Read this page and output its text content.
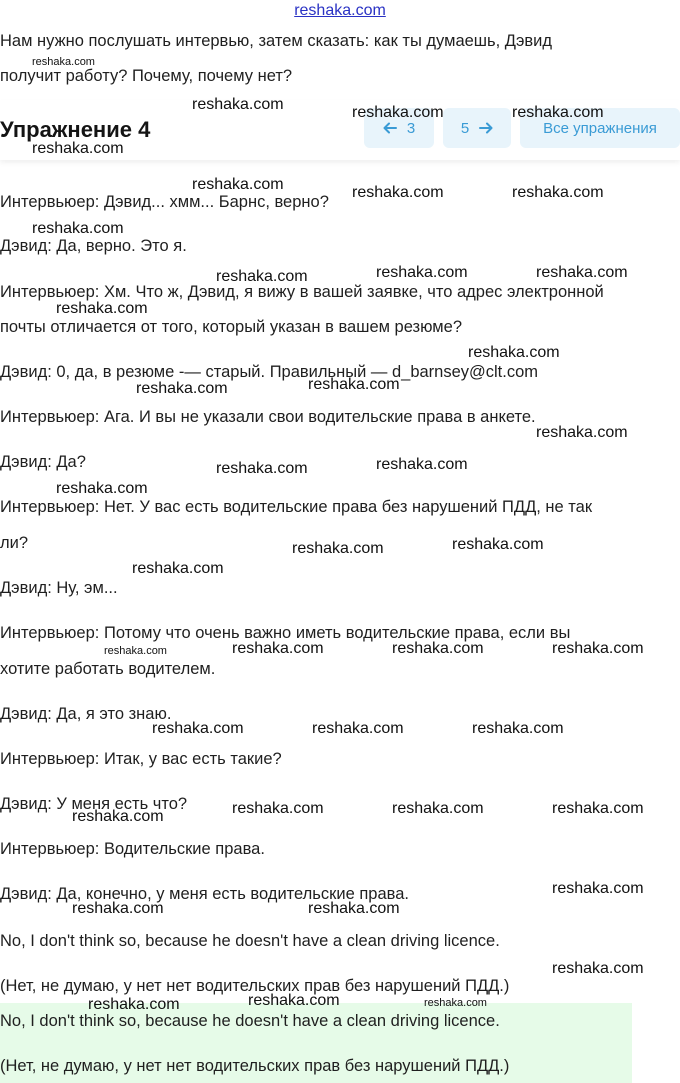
reshaka.com

Нам нужно послушать интервью, затем сказать: как ты думаешь, Дэвид

получит работу? Почему, почему нет?

Упражнение 4	3	5	Все упражнения

Интервьюер: Дэвид... хмм... Барнс, верно?

Дэвид: Да, верно. Это я.

Интервьюер: Хм. Что ж, Дэвид, я вижу в вашей заявке, что адрес электронной

почты отличается от того, который указан в вашем резюме?

Дэвид: 0, да, в резюме -— старый. Правильный — d_barnsey@clt.com

Интервьюер: Ага. И вы не указали свои водительские права в анкете.

Дэвид: Да?

Интервьюер: Нет. У вас есть водительские права без нарушений ПДД, не так

ли?

Дэвид: Ну, эм...

Интервьюер: Потому что очень важно иметь водительские права, если вы

хотите работать водителем.

Дэвид: Да, я это знаю.

Интервьюер: Итак, у вас есть такие?

Дэвид: У меня есть что?

Интервьюер: Водительские права.

Дэвид: Да, конечно, у меня есть водительские права.

No, I don't think so, because he doesn't have a clean driving licence.

(Нет, не думаю, у нет нет водительских прав без нарушений ПДД.)

No, I don't think so, because he doesn't have a clean driving licence.

(Нет, не думаю, у нет нет водительских прав без нарушений ПДД.)

reshaka.com
reshaka.com	reshaka.com	reshaka.com
reshaka.com
reshaka.com	reshaka.com	reshaka.com
reshaka.com
reshaka.com	reshaka.com	reshaka.com
reshaka.com
reshaka.com
reshaka.com	reshaka.com
reshaka.com
reshaka.com	reshaka.com
reshaka.com
reshaka.com	reshaka.com
reshaka.com
reshaka.com	reshaka.com	reshaka.com	reshaka.com
reshaka.com	reshaka.com	reshaka.com
reshaka.com	reshaka.com	reshaka.com
reshaka.com
reshaka.com
reshaka.com	reshaka.com
reshaka.com
reshaka.com	reshaka.com	reshaka.com
